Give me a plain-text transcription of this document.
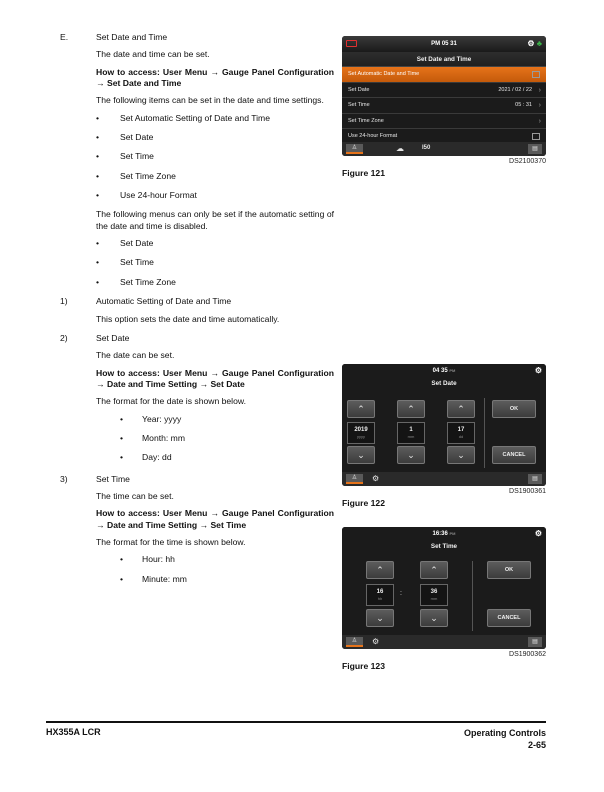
E.	Set Date and Time

The date and time can be set.

How to access: User Menu → Gauge Panel Configuration → Set Date and Time

The following items can be set in the date and time settings.

• Set Automatic Setting of Date and Time
• Set Date
• Set Time
• Set Time Zone
• Use 24-hour Format

The following menus can only be set if the automatic setting of the date and time is disabled.

• Set Date
• Set Time
• Set Time Zone
1)	Automatic Setting of Date and Time

This option sets the date and time automatically.

2)	Set Date

The date can be set.

How to access: User Menu → Gauge Panel Configuration → Date and Time Setting → Set Date

The format for the date is shown below.

• Year: yyyy
• Month: mm
• Day: dd
3)	Set Time

The time can be set.

How to access: User Menu → Gauge Panel Configuration → Date and Time Setting → Set Time

The format for the time is shown below.

• Hour: hh
• Minute: mm
PM 05 31	⚙ ♣
Set Date and Time
Set Automatic Date and Time
Set Date	2021 / 02 / 22 ›
Set Time	05 : 31 ›
Set Time Zone	›
Use 24-hour Format
♙	☁	I50	▤
DS2100370
Figure 121
04 35 PM	⚙
Set Date
⌃	⌃	⌃
2019
yyyy
1
mm
17
dd
⌄	⌄	⌄
OK
CANCEL
♙	⚙	▤
DS1900361
Figure 122
16:36 PM	⚙
Set Time
⌃	⌃
16
hh
:	36
mm
⌄	⌄
OK
CANCEL
♙	⚙	▤
DS1900362
Figure 123
HX355A LCR	Operating Controls
2-65
